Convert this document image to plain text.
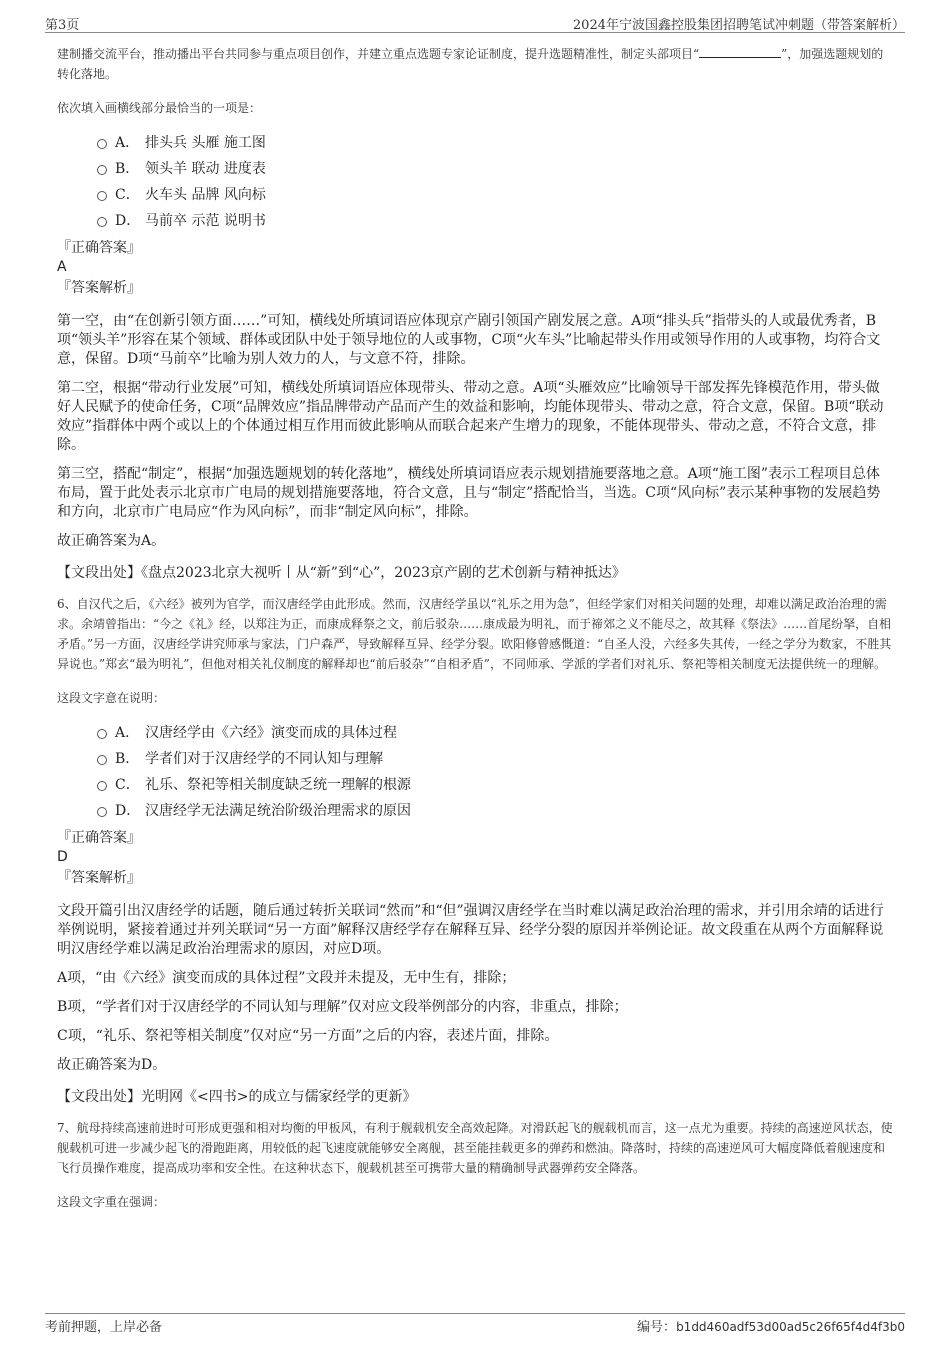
第3页	2024年宁波国鑫控股集团招聘笔试冲刺题（带答案解析）

建制播交流平台，推动播出平台共同参与重点项目创作，并建立重点选题专家论证制度，提升选题精准性，制定头部项目“	”，加强选题规划的转化落地。

依次填入画横线部分最恰当的一项是：

A． 排头兵 头雁 施工图
B． 领头羊 联动 进度表
C． 火车头 品牌 风向标
D． 马前卒 示范 说明书

『正确答案』

A

『答案解析』

第一空，由“在创新引领方面……”可知，横线处所填词语应体现京产剧引领国产剧发展之意。A项“排头兵”指带头的人或最优秀者，B项“领头羊”形容在某个领域、群体或团队中处于领导地位的人或事物，C项“火车头”比喻起带头作用或领导作用的人或事物，均符合文意，保留。D项“马前卒”比喻为别人效力的人，与文意不符，排除。

第二空，根据“带动行业发展”可知，横线处所填词语应体现带头、带动之意。A项“头雁效应”比喻领导干部发挥先锋模范作用，带头做好人民赋予的使命任务，C项“品牌效应”指品牌带动产品而产生的效益和影响，均能体现带头、带动之意，符合文意，保留。B项“联动效应”指群体中两个或以上的个体通过相互作用而彼此影响从而联合起来产生增力的现象，不能体现带头、带动之意，不符合文意，排除。

第三空，搭配“制定”，根据“加强选题规划的转化落地”，横线处所填词语应表示规划措施要落地之意。A项“施工图”表示工程项目总体布局，置于此处表示北京市广电局的规划措施要落地，符合文意，且与“制定”搭配恰当，当选。C项“风向标”表示某种事物的发展趋势和方向，北京市广电局应“作为风向标”，而非“制定风向标”，排除。

故正确答案为A。

【文段出处】《盘点2023北京大视听丨从“新”到“心”，2023京产剧的艺术创新与精神抵达》

6、自汉代之后，《六经》被列为官学，而汉唐经学由此形成。然而，汉唐经学虽以“礼乐之用为急”，但经学家们对相关问题的处理，却难以满足政治治理的需求。余靖曾指出：“今之《礼》经，以郑注为正，而康成释祭之文，前后驳杂……康成最为明礼，而于禘郊之义不能尽之，故其释《祭法》……首尾纷拏，自相矛盾。”另一方面，汉唐经学讲究师承与家法，门户森严，导致解释互异、经学分裂。欧阳修曾感慨道：“自圣人没，六经多失其传，一经之学分为数家，不胜其异说也。”郑玄“最为明礼”，但他对相关礼仪制度的解释却也“前后驳杂”“自相矛盾”，不同师承、学派的学者们对礼乐、祭祀等相关制度无法提供统一的理解。

这段文字意在说明：

A． 汉唐经学由《六经》演变而成的具体过程
B． 学者们对于汉唐经学的不同认知与理解
C． 礼乐、祭祀等相关制度缺乏统一理解的根源
D． 汉唐经学无法满足统治阶级治理需求的原因

『正确答案』

D

『答案解析』

文段开篇引出汉唐经学的话题，随后通过转折关联词“然而”和“但”强调汉唐经学在当时难以满足政治治理的需求，并引用余靖的话进行举例说明，紧接着通过并列关联词“另一方面”解释汉唐经学存在解释互异、经学分裂的原因并举例论证。故文段重在从两个方面解释说明汉唐经学难以满足政治治理需求的原因，对应D项。

A项，“由《六经》演变而成的具体过程”文段并未提及，无中生有，排除；

B项，“学者们对于汉唐经学的不同认知与理解”仅对应文段举例部分的内容，非重点，排除；

C项，“礼乐、祭祀等相关制度”仅对应“另一方面”之后的内容，表述片面，排除。

故正确答案为D。

【文段出处】光明网《<四书>的成立与儒家经学的更新》

7、航母持续高速前进时可形成更强和相对均衡的甲板风，有利于舰载机安全高效起降。对滑跃起飞的舰载机而言，这一点尤为重要。持续的高速逆风状态，使舰载机可进一步减少起飞的滑跑距离，用较低的起飞速度就能够安全离舰，甚至能挂载更多的弹药和燃油。降落时，持续的高速逆风可大幅度降低着舰速度和飞行员操作难度，提高成功率和安全性。在这种状态下，舰载机甚至可携带大量的精确制导武器弹药安全降落。

这段文字重在强调：

考前押题，上岸必备	编号：b1dd460adf53d00ad5c26f65f4d4f3b0
